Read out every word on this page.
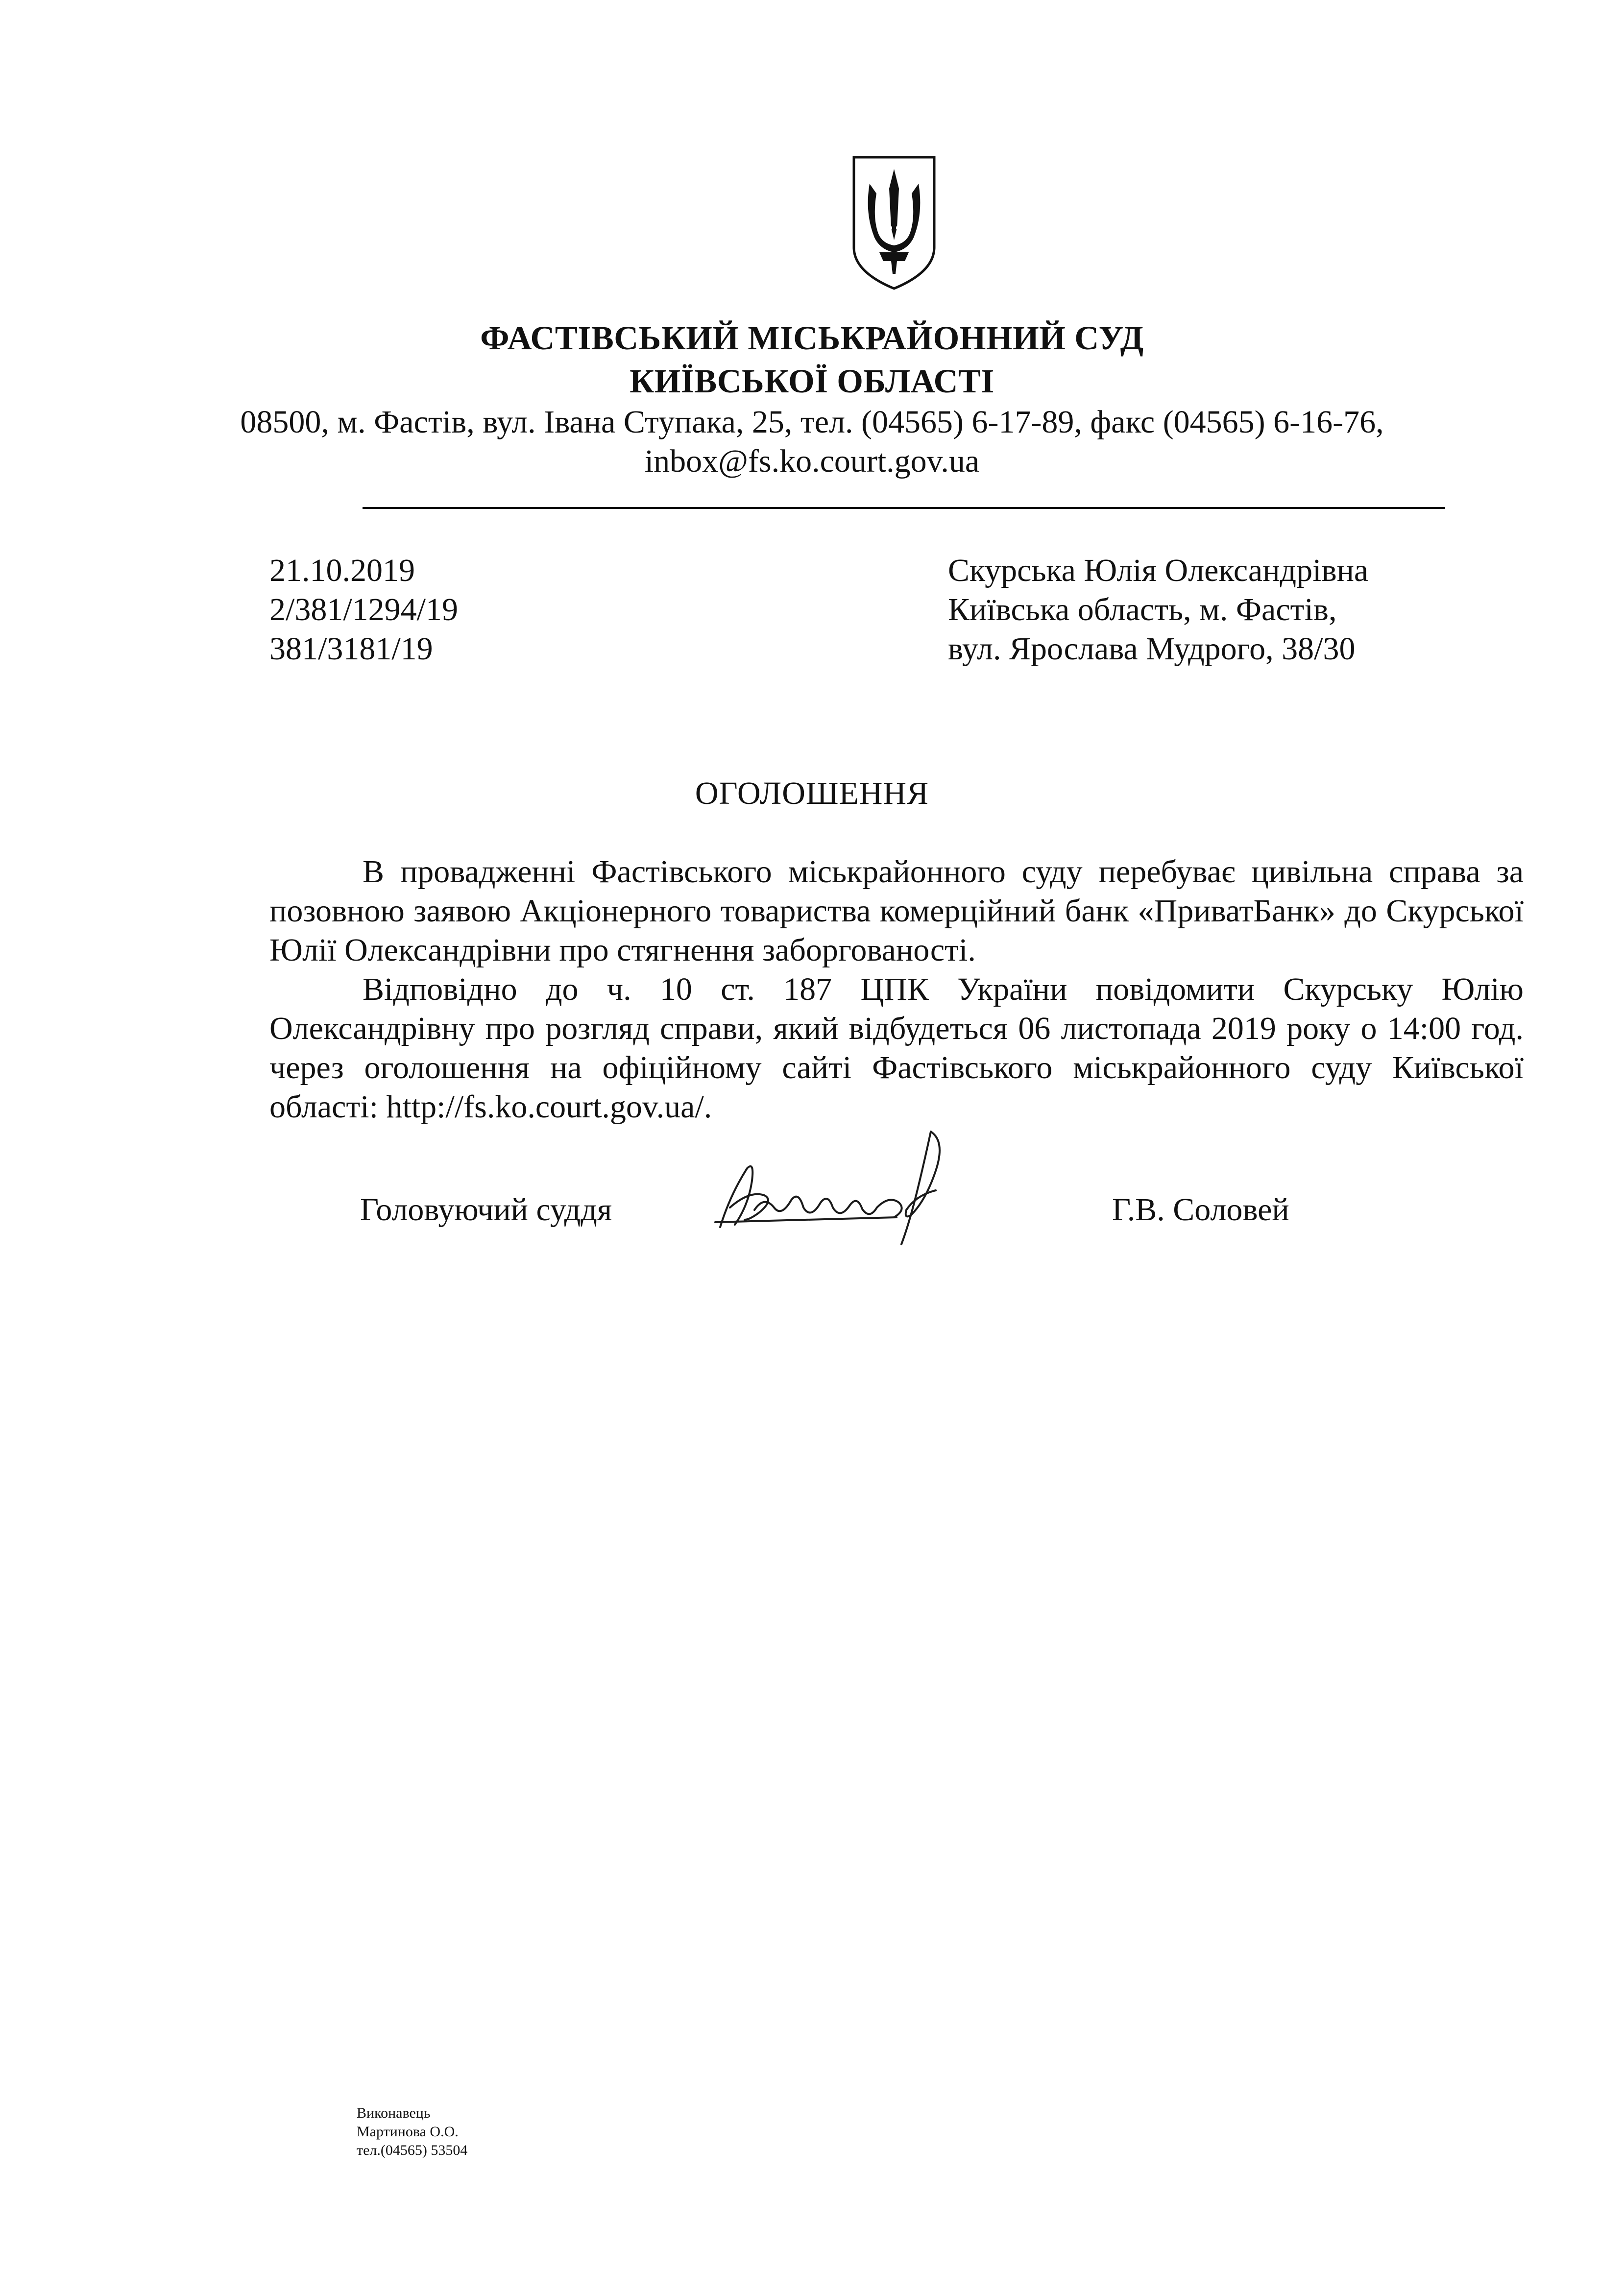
ФАСТІВСЬКИЙ МІСЬКРАЙОННИЙ СУД
КИЇВСЬКОЇ ОБЛАСТІ
08500, м. Фастів, вул. Івана Ступака, 25, тел. (04565) 6-17-89, факс (04565) 6-16-76,
inbox@fs.ko.court.gov.ua
21.10.2019
2/381/1294/19
381/3181/19
Скурська Юлія Олександрівна
Київська область, м. Фастів,
вул. Ярослава Мудрого, 38/30
ОГОЛОШЕННЯ
В провадженні Фастівського міськрайонного суду перебуває цивільна справа за позовною заявою Акціонерного товариства комерційний банк «ПриватБанк» до Скурської Юлії Олександрівни про стягнення заборгованості.
Відповідно до ч. 10 ст. 187 ЦПК України повідомити Скурську Юлію Олександрівну про розгляд справи, який відбудеться 06 листопада 2019 року о 14:00 год. через оголошення на офіційному сайті Фастівського міськрайонного суду Київської області: http://fs.ko.court.gov.ua/.
Головуючий суддя	Г.В. Соловей
Виконавець
Мартинова О.О.
тел.(04565) 53504
